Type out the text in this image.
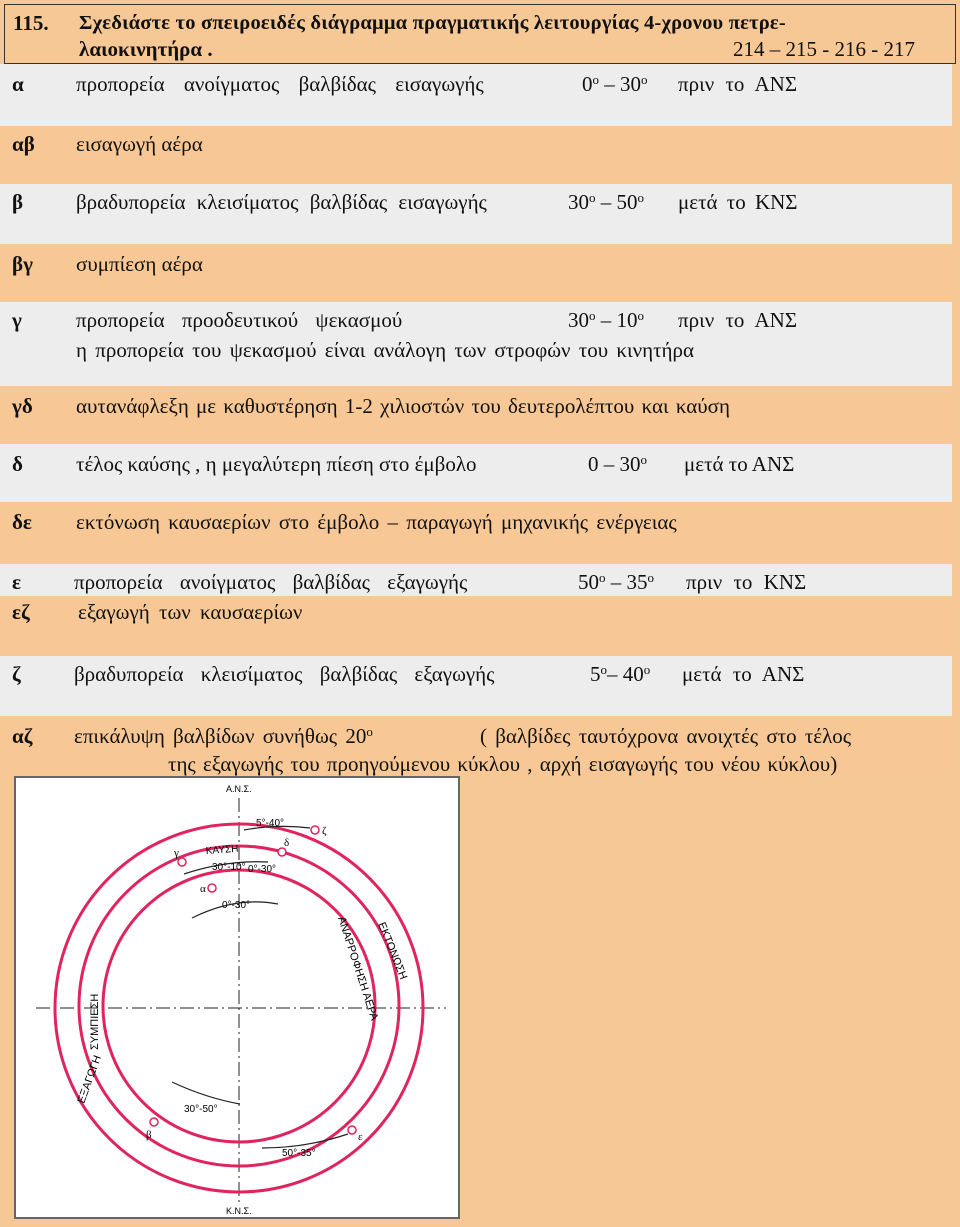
115. Σχεδιάστε το σπειροειδές διάγραμμα πραγματικής λειτουργίας 4-χρονου πετρε-
λαιοκινητήρα .	214 – 215 - 216 - 217
α προπορεία ανοίγματος βαλβίδας εισαγωγής	0$^o$ – 30$^o$ πριν το ΑΝΣ
αβ εισαγωγή αέρα
β	βραδυπορεία κλεισίματος βαλβίδας εισαγωγής	30$^o$ – 50$^o$ μετά το ΚΝΣ
βγ συμπίεση αέρα
γ	προπορεία προοδευτικού ψεκασμού	30$^o$ – 10$^o$ πριν το ΑΝΣ
η προπορεία του ψεκασμού είναι ανάλογη των στροφών του κινητήρα
γδ αυτανάφλεξη με καθυστέρηση 1-2 χιλιοστών του δευτερολέπτου και καύση
δ	τέλος καύσης , η μεγαλύτερη πίεση στο έμβολο	0 – 30$^o$ μετά το ΑΝΣ
δε εκτόνωση καυσαερίων στο έμβολο – παραγωγή μηχανικής ενέργειας
ε	προπορεία ανοίγματος βαλβίδας εξαγωγής	50$^o$ – 35$^o$ πριν το ΚΝΣ
εζ εξαγωγή των καυσαερίων
ζ	βραδυπορεία κλεισίματος βαλβίδας εξαγωγής	5$^o$– 40$^o$ μετά το ΑΝΣ
αζ επικάλυψη βαλβίδων συνήθως 20$^o$	( βαλβίδες ταυτόχρονα ανοιχτές στο τέλος
της εξαγωγής του προηγούμενου κύκλου , αρχή εισαγωγής του νέου κύκλου)
Α.Ν.Σ.
Κ.Ν.Σ.
ΚΑΥΣΗ
ΕΚΤΟΝΩΣΗ
ΑΝΑΡΡΟΦΗΣΗ ΑΕΡΑ
ΣΥΜΠΙΕΣΗ
ΕΞΑΓΩΓΗ
ζ
γ
δ
α
β	ε
5°-40°
30°-10° 0°-30°
0°-30°
30°-50°
50°-35°
